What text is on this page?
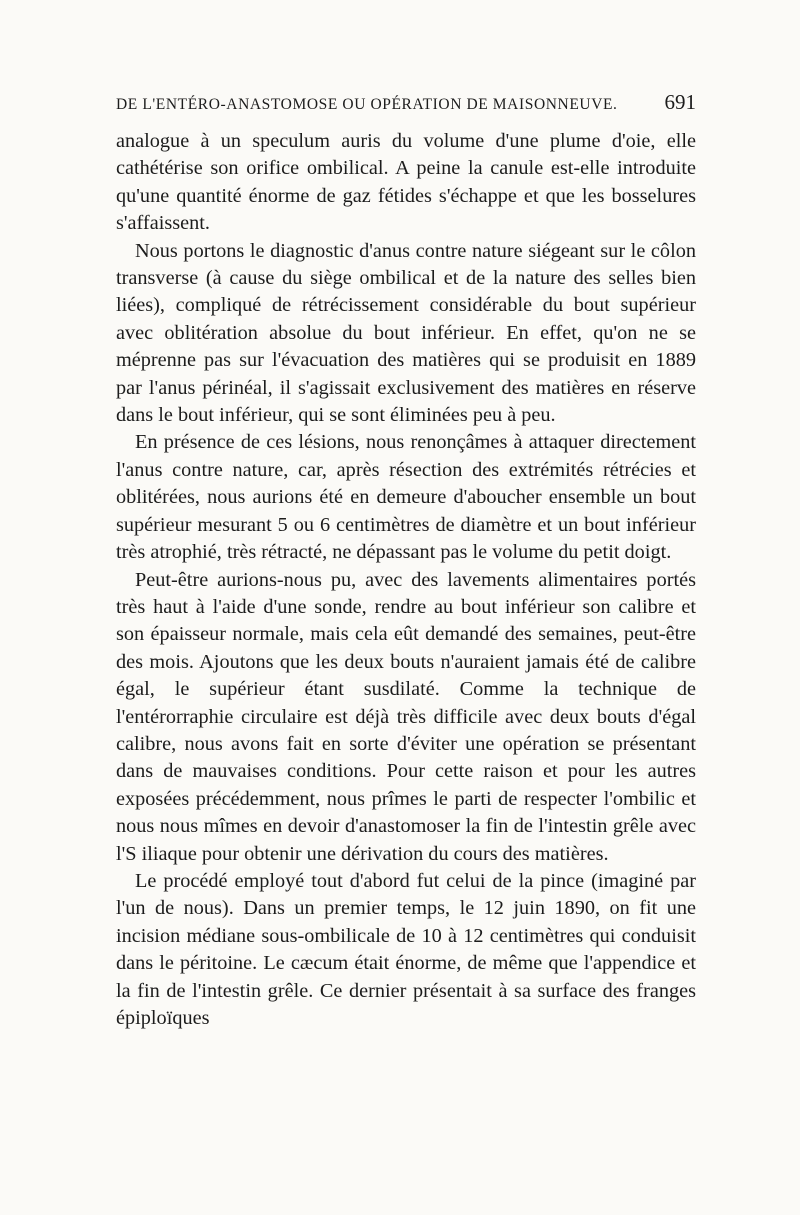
DE L'ENTÉRO-ANASTOMOSE OU OPÉRATION DE MAISONNEUVE. 691

analogue à un speculum auris du volume d'une plume d'oie, elle cathétérise son orifice ombilical. A peine la canule est-elle introduite qu'une quantité énorme de gaz fétides s'échappe et que les bosselures s'affaissent.

Nous portons le diagnostic d'anus contre nature siégeant sur le côlon transverse (à cause du siège ombilical et de la nature des selles bien liées), compliqué de rétrécissement considérable du bout supérieur avec oblitération absolue du bout inférieur. En effet, qu'on ne se méprenne pas sur l'évacuation des matières qui se produisit en 1889 par l'anus périnéal, il s'agissait exclusivement des matières en réserve dans le bout inférieur, qui se sont éliminées peu à peu.

En présence de ces lésions, nous renonçâmes à attaquer directement l'anus contre nature, car, après résection des extrémités rétrécies et oblitérées, nous aurions été en demeure d'aboucher ensemble un bout supérieur mesurant 5 ou 6 centimètres de diamètre et un bout inférieur très atrophié, très rétracté, ne dépassant pas le volume du petit doigt.

Peut-être aurions-nous pu, avec des lavements alimentaires portés très haut à l'aide d'une sonde, rendre au bout inférieur son calibre et son épaisseur normale, mais cela eût demandé des semaines, peut-être des mois. Ajoutons que les deux bouts n'auraient jamais été de calibre égal, le supérieur étant susdilaté. Comme la technique de l'entérorraphie circulaire est déjà très difficile avec deux bouts d'égal calibre, nous avons fait en sorte d'éviter une opération se présentant dans de mauvaises conditions. Pour cette raison et pour les autres exposées précédemment, nous prîmes le parti de respecter l'ombilic et nous nous mîmes en devoir d'anastomoser la fin de l'intestin grêle avec l'S iliaque pour obtenir une dérivation du cours des matières.

Le procédé employé tout d'abord fut celui de la pince (imaginé par l'un de nous). Dans un premier temps, le 12 juin 1890, on fit une incision médiane sous-ombilicale de 10 à 12 centimètres qui conduisit dans le péritoine. Le cæcum était énorme, de même que l'appendice et la fin de l'intestin grêle. Ce dernier présentait à sa surface des franges épiploïques
